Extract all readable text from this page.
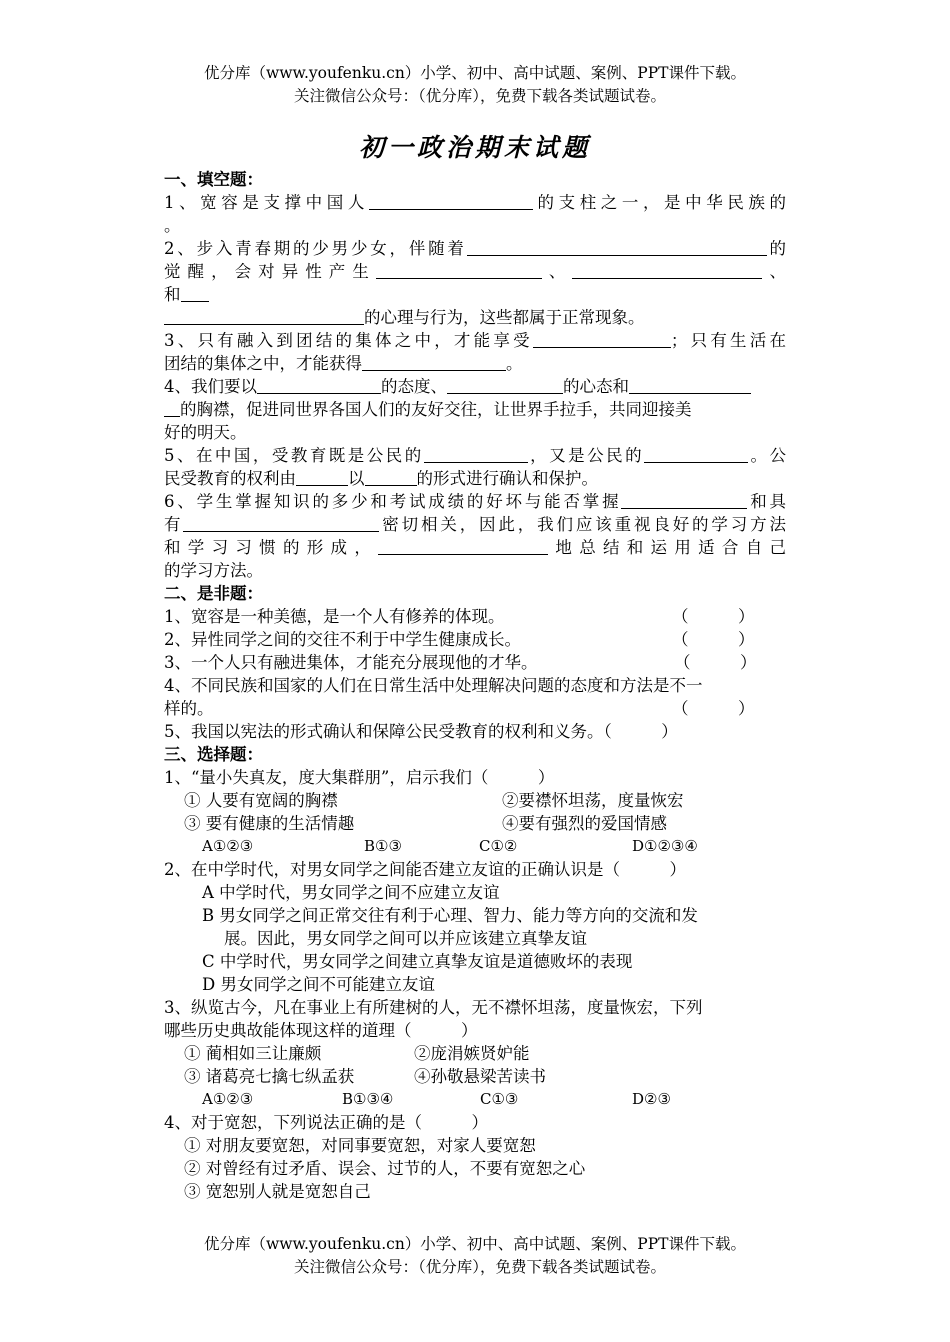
优分库（www.youfenku.cn）小学、初中、高中试题、案例、PPT课件下载。
关注微信公众号：（优分库），免费下载各类试题试卷。
初一政治期末试题
一、填空题：
1、宽容是支撑中国人	的支柱之一，是中华民族的
。
2、步入青春期的少男少女，伴随着	的
觉醒，会对异性产生	、	、
和
的心理与行为，这些都属于正常现象。
3、只有融入到团结的集体之中，才能享受	；只有生活在
团结的集体之中，才能获得	。
4、我们要以	的态度、	的心态和
的胸襟，促进同世界各国人们的友好交往，让世界手拉手，共同迎接美
好的明天。
5、在中国，受教育既是公民的	，又是公民的	。公
民受教育的权利由	以	的形式进行确认和保护。
6、学生掌握知识的多少和考试成绩的好坏与能否掌握	和具
有	密切相关，因此，我们应该重视良好的学习方法
和学习习惯的形成，	地总结和运用适合自己
的学习方法。
二、是非题：
1、宽容是一种美德，是一个人有修养的体现。	（　　　）
2、异性同学之间的交往不利于中学生健康成长。	（　　　）
3、一个人只有融进集体，才能充分展现他的才华。	（　　　）
4、不同民族和国家的人们在日常生活中处理解决问题的态度和方法是不一
样的。	（　　　）
5、我国以宪法的形式确认和保障公民受教育的权利和义务。（　　　）
三、选择题：
1、“量小失真友，度大集群朋”，启示我们（　　　）
① 人要有宽阔的胸襟	②要襟怀坦荡，度量恢宏
③ 要有健康的生活情趣	④要有强烈的爱国情感
A①②③	B①③	C①②	D①②③④
2、在中学时代，对男女同学之间能否建立友谊的正确认识是（　　　）
A 中学时代，男女同学之间不应建立友谊
B 男女同学之间正常交往有利于心理、智力、能力等方向的交流和发
展。因此，男女同学之间可以并应该建立真挚友谊
C 中学时代，男女同学之间建立真挚友谊是道德败坏的表现
D 男女同学之间不可能建立友谊
3、纵览古今，凡在事业上有所建树的人，无不襟怀坦荡，度量恢宏，下列
哪些历史典故能体现这样的道理（　　　）
① 蔺相如三让廉颇	②庞涓嫉贤妒能
③ 诸葛亮七擒七纵孟获	④孙敬悬梁苦读书
A①②③	B①③④	C①③	D②③
4、对于宽恕，下列说法正确的是（　　　）
① 对朋友要宽恕，对同事要宽恕，对家人要宽恕
② 对曾经有过矛盾、误会、过节的人，不要有宽恕之心
③ 宽恕别人就是宽恕自己
优分库（www.youfenku.cn）小学、初中、高中试题、案例、PPT课件下载。
关注微信公众号：（优分库），免费下载各类试题试卷。
